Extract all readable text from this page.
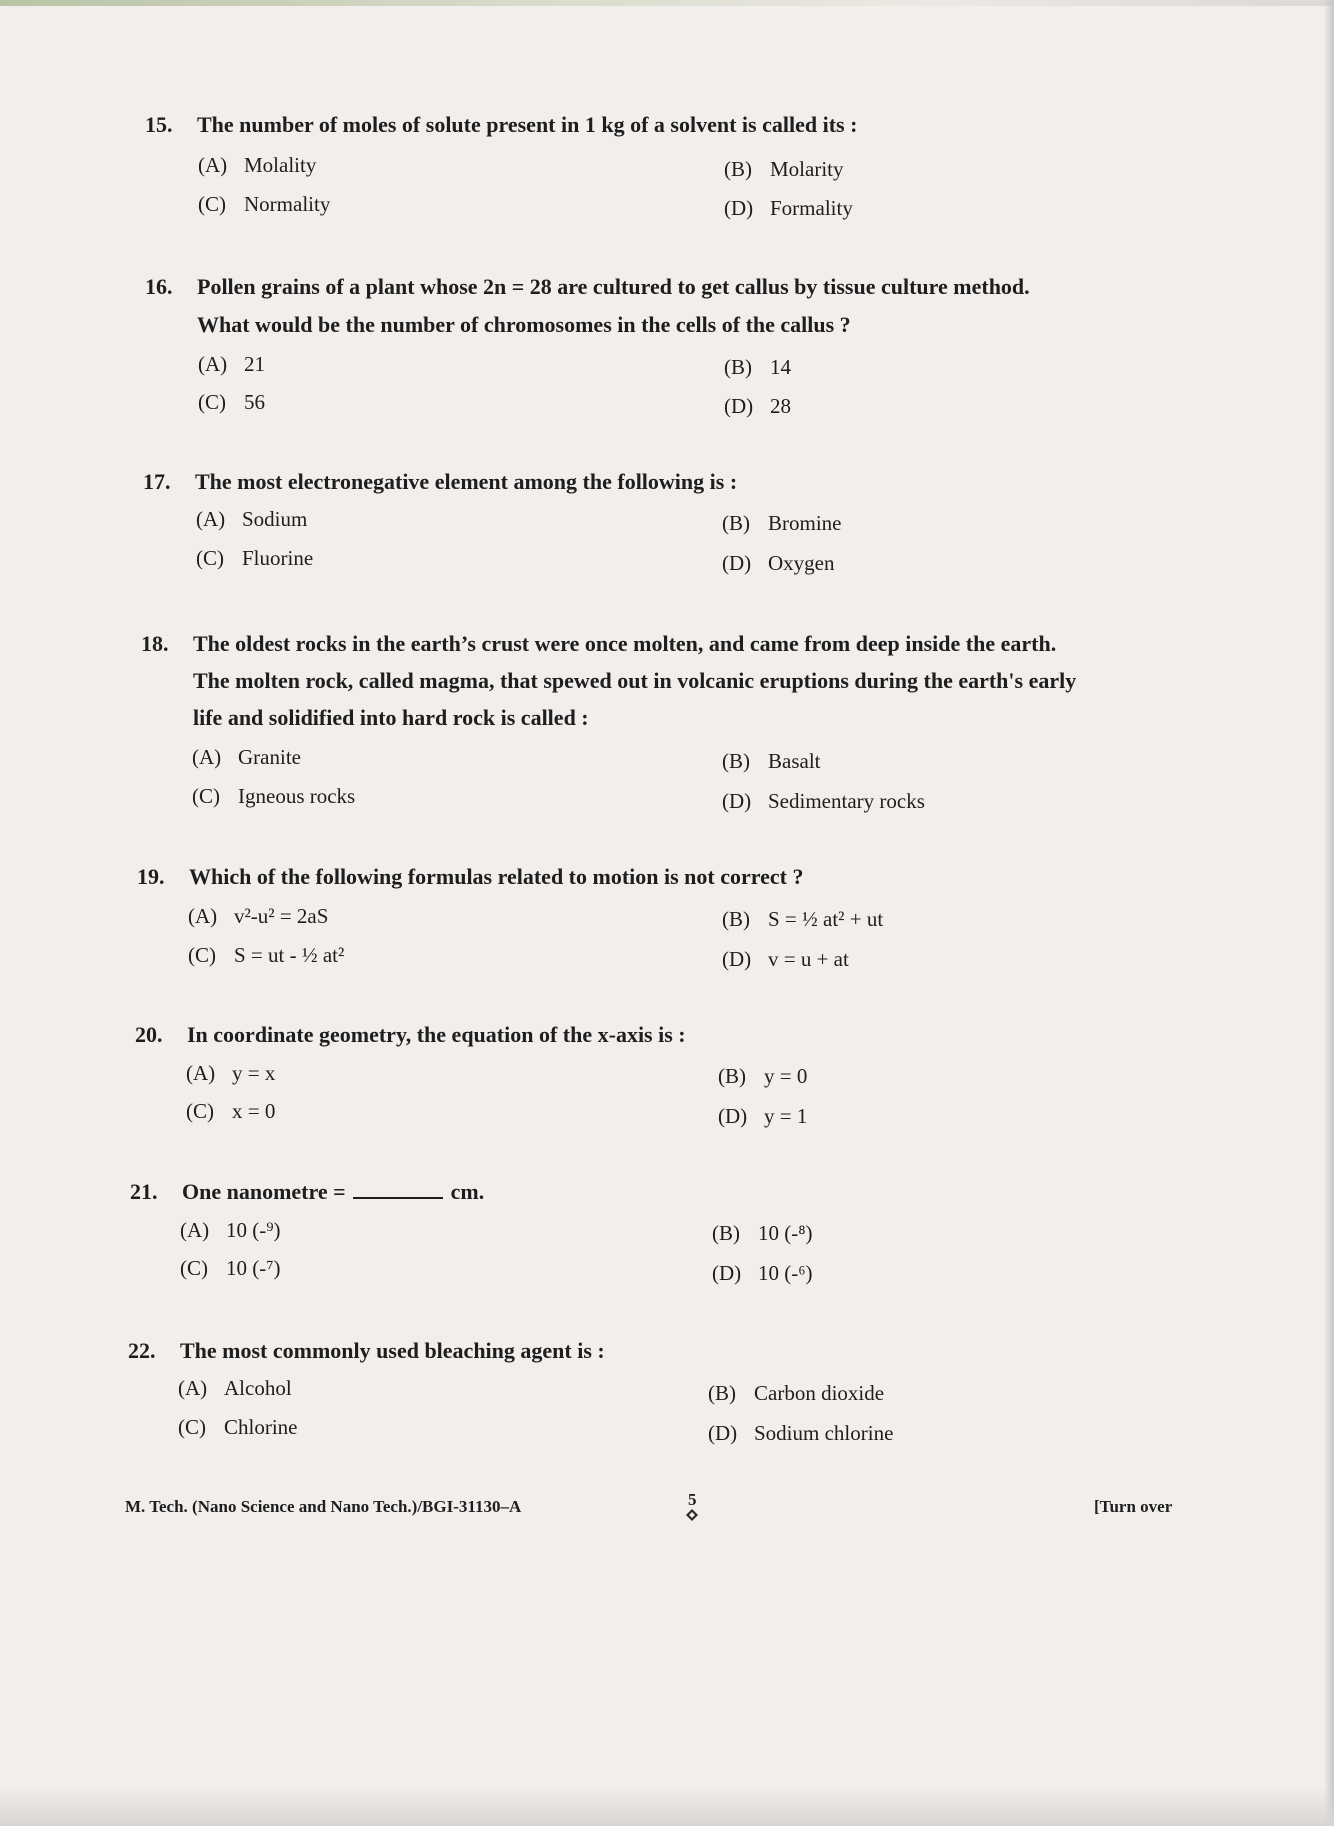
15. The number of moles of solute present in 1 kg of a solvent is called its :
(A) Molality	(B) Molarity
(C) Normality	(D) Formality
16. Pollen grains of a plant whose 2n = 28 are cultured to get callus by tissue culture method.
What would be the number of chromosomes in the cells of the callus ?
(A) 21	(B) 14
(C) 56	(D) 28
17. The most electronegative element among the following is :
(A) Sodium	(B) Bromine
(C) Fluorine	(D) Oxygen
18. The oldest rocks in the earth’s crust were once molten, and came from deep inside the earth.
The molten rock, called magma, that spewed out in volcanic eruptions during the earth's early
life and solidified into hard rock is called :
(A) Granite	(B) Basalt
(C) Igneous rocks	(D) Sedimentary rocks
19. Which of the following formulas related to motion is not correct ?
(A) v²-u² = 2aS	(B) S = ½ at² + ut
(C) S = ut - ½ at²	(D) v = u + at
20. In coordinate geometry, the equation of the x-axis is :
(A) y = x	(B) y = 0
(C) x = 0	(D) y = 1
21. One nanometre =	cm.
(A) 10 (-⁹)	(B) 10 (-⁸)
(C) 10 (-⁷)	(D) 10 (-⁶)
22. The most commonly used bleaching agent is :
(A) Alcohol	(B) Carbon dioxide
(C) Chlorine	(D) Sodium chlorine
M. Tech. (Nano Science and Nano Tech.)/BGI-31130–A	5	[Turn over
